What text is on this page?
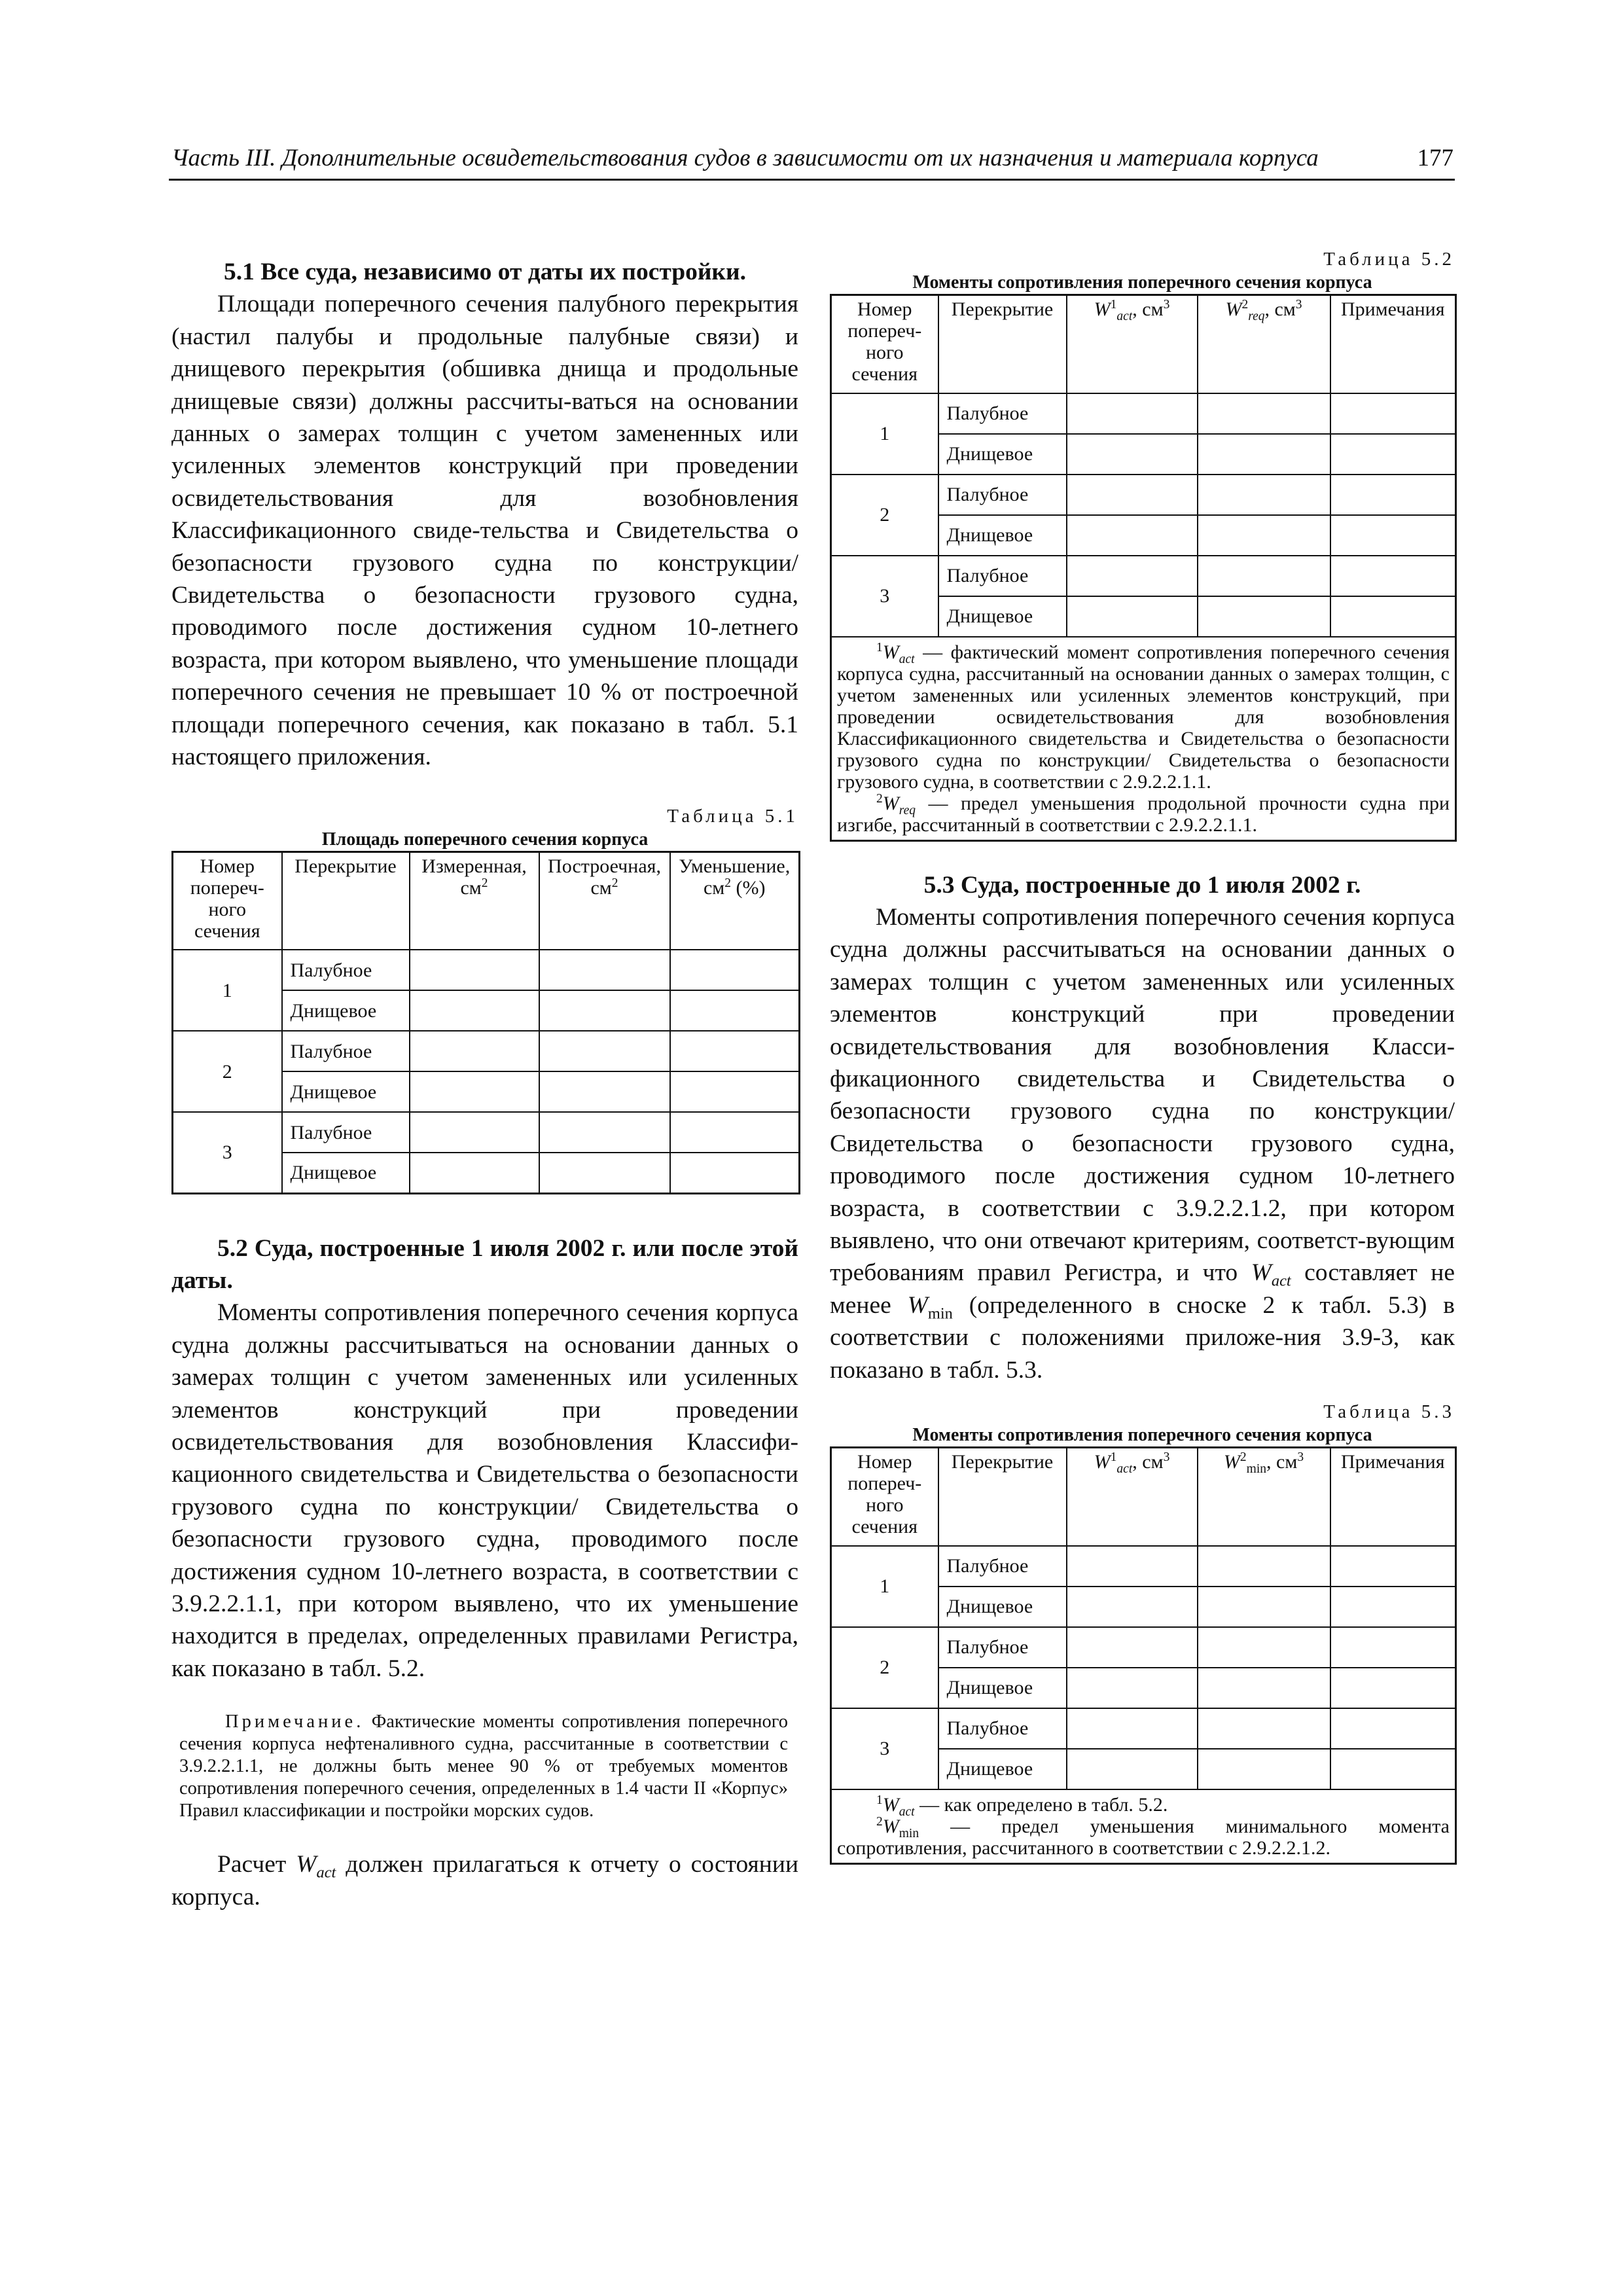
Часть III. Дополнительные освидетельствования судов в зависимости от их назначения и материала корпуса	177

5.1 Все суда, независимо от даты их постройки.

Площади поперечного сечения палубного перекрытия (настил палубы и продольные палубные связи) и днищевого перекрытия (обшивка днища и продольные днищевые связи) должны рассчиты-ваться на основании данных о замерах толщин с учетом замененных или усиленных элементов конструкций при проведении освидетельствования для возобновления Классификационного свиде-тельства и Свидетельства о безопасности грузового судна по конструкции/Свидетельства о безопасности грузового судна, проводимого после достижения судном 10-летнего возраста, при котором выявлено, что уменьшение площади поперечного сечения не превышает 10 % от построечной площади поперечного сечения, как показано в табл. 5.1 настоящего приложения.

Таблица 5.1

Площадь поперечного сечения корпуса

Номер попереч-ного сечения	Перекрытие	Измеренная, $см^2$	Построечная, $см^2$	Уменьшение, $см^2$ (%)
1	Палубное			
	Днищевое			
2	Палубное			
	Днищевое			
3	Палубное			
	Днищевое			

5.2 Суда, построенные 1 июля 2002 г. или после этой даты.

Моменты сопротивления поперечного сечения корпуса судна должны рассчитываться на основании данных о замерах толщин с учетом замененных или усиленных элементов конструкций при проведении освидетельствования для возобновления Классифи-кационного свидетельства и Свидетельства о безопасности грузового судна по конструкции/ Свидетельства о безопасности грузового судна, проводимого после достижения судном 10-летнего возраста, в соответствии с 3.9.2.2.1.1, при котором выявлено, что их уменьшение находится в пределах, определенных правилами Регистра, как показано в табл. 5.2.

Примечание. Фактические моменты сопротивления поперечного сечения корпуса нефтеналивного судна, рассчитанные в соответствии с 3.9.2.2.1.1, не должны быть менее 90 % от требуемых моментов сопротивления поперечного сечения, определенных в 1.4 части II «Корпус» Правил классификации и постройки морских судов.

Расчет $W_{act}$ должен прилагаться к отчету о состоянии корпуса.

Таблица 5.2

Моменты сопротивления поперечного сечения корпуса

Номер попереч-ного сечения	Перекрытие	$W^1_{act}$, $см^3$	$W^2_{req}$, $см^3$	Примечания
1	Палубное			
	Днищевое			
2	Палубное			
	Днищевое			
3	Палубное			
	Днищевое			

$^1W_{act}$ — фактический момент сопротивления поперечного сечения корпуса судна, рассчитанный на основании данных о замерах толщин, с учетом замененных или усиленных элементов конструкций, при проведении освидетельствования для возобновления Классификационного свидетельства и Свидетельства о безопасности грузового судна по конструкции/ Свидетельства о безопасности грузового судна, в соответствии с 2.9.2.2.1.1.

$^2W_{req}$ — предел уменьшения продольной прочности судна при изгибе, рассчитанный в соответствии с 2.9.2.2.1.1.				

5.3 Суда, построенные до 1 июля 2002 г.

Моменты сопротивления поперечного сечения корпуса судна должны рассчитываться на основании данных о замерах толщин с учетом замененных или усиленных элементов конструкций при проведении освидетельствования для возобновления Класси-фикационного свидетельства и Свидетельства о безопасности грузового судна по конструкции/ Свидетельства о безопасности грузового судна, проводимого после достижения судном 10-летнего возраста, в соответствии с 3.9.2.2.1.2, при котором выявлено, что они отвечают критериям, соответст-вующим требованиям правил Регистра, и что $W_{act}$ составляет не менее $W_{min}$ (определенного в сноске 2 к табл. 5.3) в соответствии с положениями приложе-ния 3.9-3, как показано в табл. 5.3.

Таблица 5.3

Моменты сопротивления поперечного сечения корпуса

Номер попереч-ного сечения	Перекрытие	$W^1_{act}$, $см^3$	$W^2_{min}$, $см^3$	Примечания
1	Палубное			
	Днищевое			
2	Палубное			
	Днищевое			
3	Палубное			
	Днищевое			

$^1W_{act}$ — как определено в табл. 5.2.

$^2W_{min}$ — предел уменьшения минимального момента сопротивления, рассчитанного в соответствии с 2.9.2.2.1.2.				
